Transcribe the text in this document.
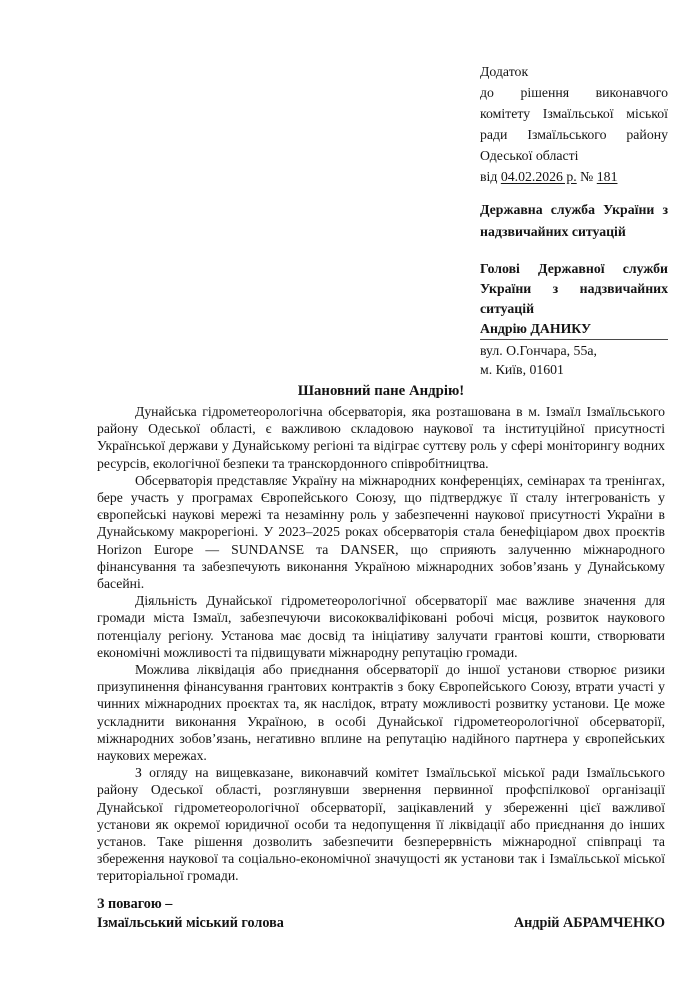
Додаток
до рішення виконавчого
комітету Ізмаїльської міської
ради Ізмаїльського району
Одеської області
від 04.02.2026 р. № 181
Державна служба України з
надзвичайних ситуацій
Голові Державної служби
України з надзвичайних
ситуацій
Андрію ДАНИКУ
вул. О.Гончара, 55а,
м. Київ, 01601
Шановний пане Андрію!

Дунайська гідрометеорологічна обсерваторія, яка розташована в м. Ізмаїл Ізмаїльського району Одеської області, є важливою складовою наукової та інституційної присутності Української держави у Дунайському регіоні та відіграє суттєву роль у сфері моніторингу водних ресурсів, екологічної безпеки та транскордонного співробітництва.

Обсерваторія представляє Україну на міжнародних конференціях, семінарах та тренінгах, бере участь у програмах Європейського Союзу, що підтверджує її сталу інтегрованість у європейські наукові мережі та незамінну роль у забезпеченні наукової присутності України в Дунайському макрорегіоні. У 2023–2025 роках обсерваторія стала бенефіціаром двох проєктів Horizon Europe — SUNDANSE та DANSER, що сприяють залученню міжнародного фінансування та забезпечують виконання Україною міжнародних зобов’язань у Дунайському басейні.

Діяльність Дунайської гідрометеорологічної обсерваторії має важливе значення для громади міста Ізмаїл, забезпечуючи висококваліфіковані робочі місця, розвиток наукового потенціалу регіону. Установа має досвід та ініціативу залучати грантові кошти, створювати економічні можливості та підвищувати міжнародну репутацію громади.

Можлива ліквідація або приєднання обсерваторії до іншої установи створює ризики призупинення фінансування грантових контрактів з боку Європейського Союзу, втрати участі у чинних міжнародних проєктах та, як наслідок, втрату можливості розвитку установи. Це може ускладнити виконання Україною, в особі Дунайської гідрометеорологічної обсерваторії, міжнародних зобов’язань, негативно вплине на репутацію надійного партнера у європейських наукових мережах.

З огляду на вищевказане, виконавчий комітет Ізмаїльської міської ради Ізмаїльського району Одеської області, розглянувши звернення первинної профспілкової організації Дунайської гідрометеорологічної обсерваторії, зацікавлений у збереженні цієї важливої установи як окремої юридичної особи та недопущення її ліквідації або приєднання до інших установ. Таке рішення дозволить забезпечити безперервність міжнародної співпраці та збереження наукової та соціально-економічної значущості як установи так і Ізмаїльської міської територіальної громади.

З повагою –
Ізмаїльський міський голова	Андрій АБРАМЧЕНКО
